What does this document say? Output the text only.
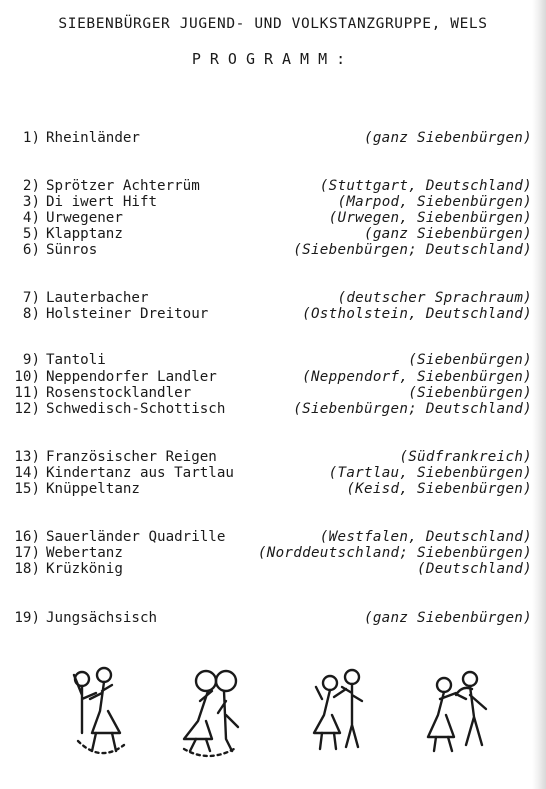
SIEBENBÜRGER JUGEND- UND VOLKSTANZGRUPPE, WELS
PROGRAMM:
1) Rheinländer	(ganz Siebenbürgen)
2) Sprötzer Achterrüm	(Stuttgart, Deutschland)
3) Di iwert Hift	(Marpod, Siebenbürgen)
4) Urwegener	(Urwegen, Siebenbürgen)
5) Klapptanz	(ganz Siebenbürgen)
6) Sünros	(Siebenbürgen; Deutschland)
7) Lauterbacher	(deutscher Sprachraum)
8) Holsteiner Dreitour	(Ostholstein, Deutschland)
9) Tantoli	(Siebenbürgen)
10) Neppendorfer Landler	(Neppendorf, Siebenbürgen)
11) Rosenstocklandler	(Siebenbürgen)
12) Schwedisch-Schottisch	(Siebenbürgen; Deutschland)
13) Französischer Reigen	(Südfrankreich)
14) Kindertanz aus Tartlau	(Tartlau, Siebenbürgen)
15) Knüppeltanz	(Keisd, Siebenbürgen)
16) Sauerländer Quadrille	(Westfalen, Deutschland)
17) Webertanz	(Norddeutschland; Siebenbürgen)
18) Krüzkönig	(Deutschland)
19) Jungsächsisch	(ganz Siebenbürgen)
